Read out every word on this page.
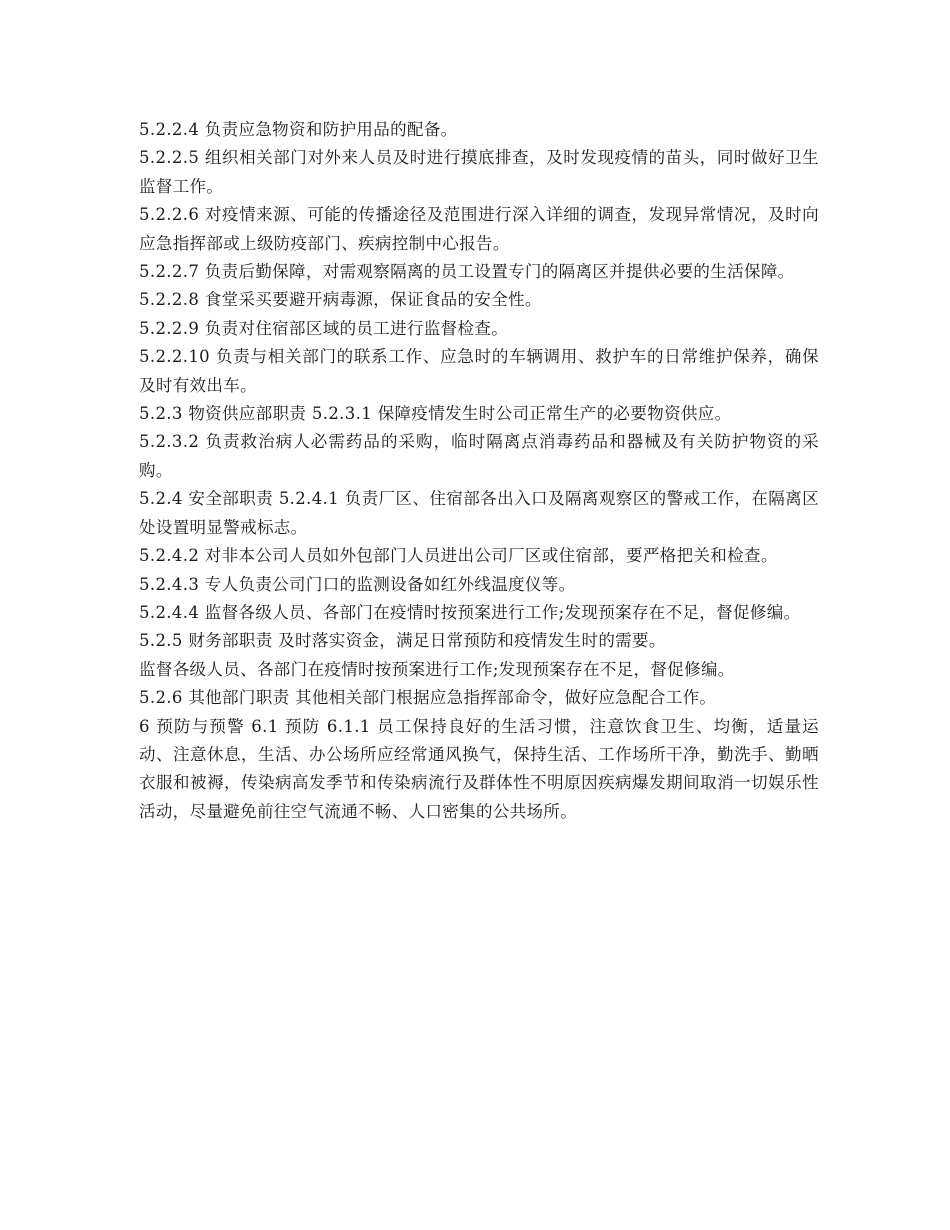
5.2.2.4 负责应急物资和防护用品的配备。

5.2.2.5 组织相关部门对外来人员及时进行摸底排查，及时发现疫情的苗头，同时做好卫生监督工作。

5.2.2.6 对疫情来源、可能的传播途径及范围进行深入详细的调查，发现异常情况，及时向应急指挥部或上级防疫部门、疾病控制中心报告。

5.2.2.7 负责后勤保障，对需观察隔离的员工设置专门的隔离区并提供必要的生活保障。

5.2.2.8 食堂采买要避开病毒源，保证食品的安全性。

5.2.2.9 负责对住宿部区域的员工进行监督检查。

5.2.2.10 负责与相关部门的联系工作、应急时的车辆调用、救护车的日常维护保养，确保及时有效出车。

5.2.3 物资供应部职责 5.2.3.1 保障疫情发生时公司正常生产的必要物资供应。

5.2.3.2 负责救治病人必需药品的采购，临时隔离点消毒药品和器械及有关防护物资的采购。

5.2.4 安全部职责 5.2.4.1 负责厂区、住宿部各出入口及隔离观察区的警戒工作，在隔离区处设置明显警戒标志。

5.2.4.2 对非本公司人员如外包部门人员进出公司厂区或住宿部，要严格把关和检查。

5.2.4.3 专人负责公司门口的监测设备如红外线温度仪等。

5.2.4.4 监督各级人员、各部门在疫情时按预案进行工作;发现预案存在不足，督促修编。

5.2.5 财务部职责 及时落实资金，满足日常预防和疫情发生时的需要。

监督各级人员、各部门在疫情时按预案进行工作;发现预案存在不足，督促修编。

5.2.6 其他部门职责 其他相关部门根据应急指挥部命令，做好应急配合工作。

6 预防与预警 6.1 预防 6.1.1 员工保持良好的生活习惯，注意饮食卫生、均衡，适量运动、注意休息，生活、办公场所应经常通风换气，保持生活、工作场所干净，勤洗手、勤晒衣服和被褥，传染病高发季节和传染病流行及群体性不明原因疾病爆发期间取消一切娱乐性活动，尽量避免前往空气流通不畅、人口密集的公共场所。
